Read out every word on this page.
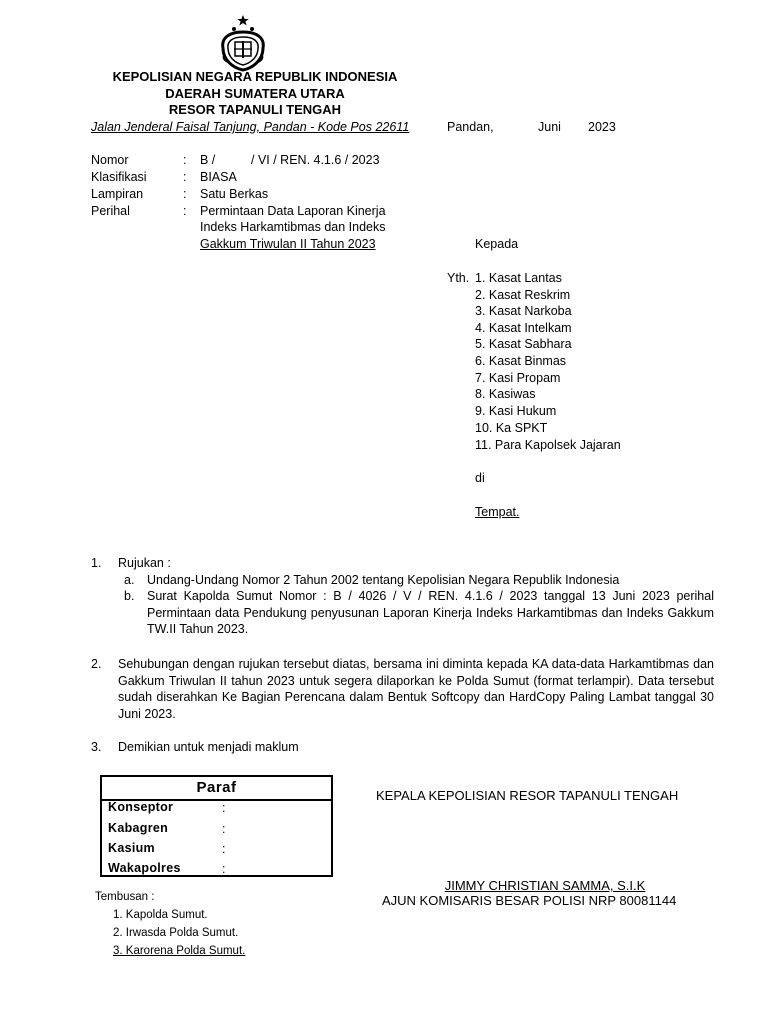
KEPOLISIAN NEGARA REPUBLIK INDONESIA
DAERAH SUMATERA UTARA
RESOR TAPANULI TENGAH
Jalan Jenderal Faisal Tanjung, Pandan - Kode Pos 22611	Pandan,	Juni 2023
Nomor	: B /	/ VI / REN. 4.1.6 / 2023
Klasifikasi	: BIASA
Lampiran	: Satu Berkas
Perihal	: Permintaan Data Laporan Kinerja
Indeks Harkamtibmas dan Indeks
Gakkum Triwulan II Tahun 2023	Kepada
Yth. 1. Kasat Lantas
2. Kasat Reskrim
3. Kasat Narkoba
4. Kasat Intelkam
5. Kasat Sabhara
6. Kasat Binmas
7. Kasi Propam
8. Kasiwas
9. Kasi Hukum
10. Ka SPKT
11. Para Kapolsek Jajaran
di
Tempat.
1. Rujukan :
a. Undang-Undang Nomor 2 Tahun 2002 tentang Kepolisian Negara Republik Indonesia
b. Surat Kapolda Sumut Nomor : B / 4026 / V / REN. 4.1.6 / 2023 tanggal 13 Juni 2023 perihal Permintaan data Pendukung penyusunan Laporan Kinerja Indeks Harkamtibmas dan Indeks Gakkum TW.II Tahun 2023.
2. Sehubungan dengan rujukan tersebut diatas, bersama ini diminta kepada KA data-data Harkamtibmas dan Gakkum Triwulan II tahun 2023 untuk segera dilaporkan ke Polda Sumut (format terlampir). Data tersebut sudah diserahkan Ke Bagian Perencana dalam Bentuk Softcopy dan HardCopy Paling Lambat tanggal 30 Juni 2023.
3. Demikian untuk menjadi maklum
Paraf
Konseptor	:
Kabagren	:
Kasium	:
Wakapolres	:
KEPALA KEPOLISIAN RESOR TAPANULI TENGAH
JIMMY CHRISTIAN SAMMA, S.I.K
AJUN KOMISARIS BESAR POLISI NRP 80081144
Tembusan :
1. Kapolda Sumut.
2. Irwasda Polda Sumut.
3. Karorena Polda Sumut.
